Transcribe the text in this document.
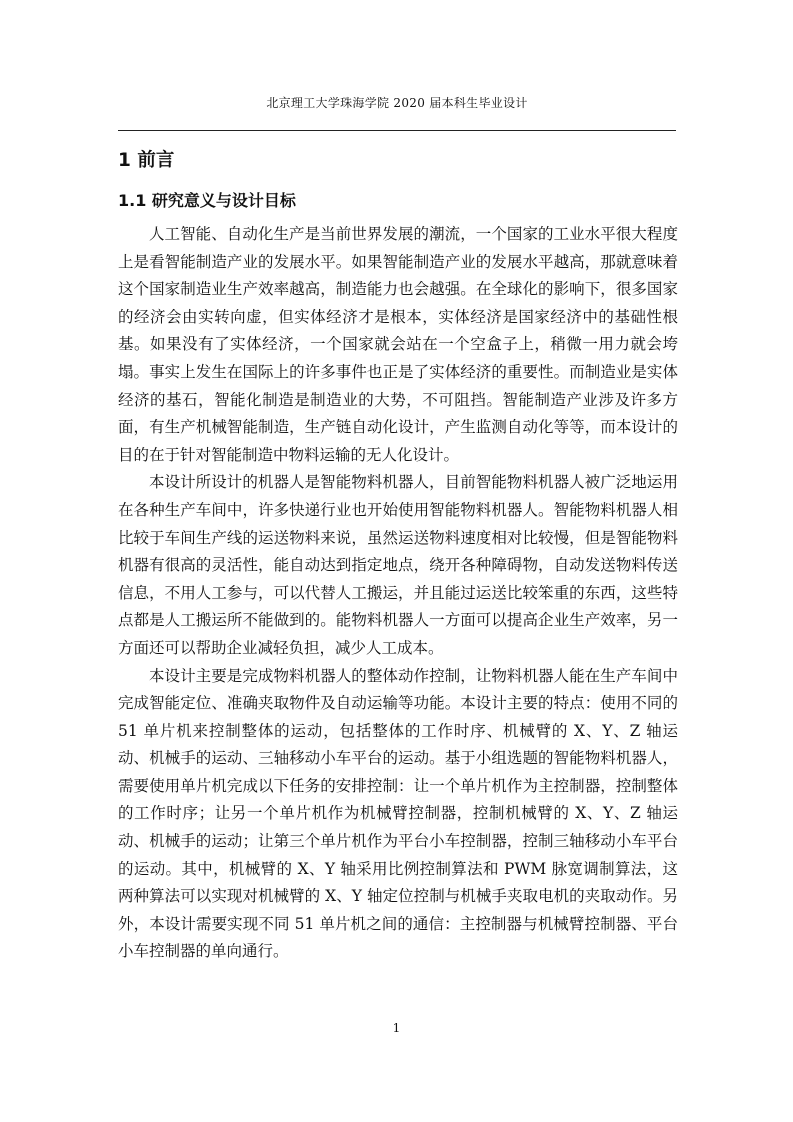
北京理工大学珠海学院 2020 届本科生毕业设计
1 前言
1.1 研究意义与设计目标

人工智能、自动化生产是当前世界发展的潮流，一个国家的工业水平很大程度上是看智能制造产业的发展水平。如果智能制造产业的发展水平越高，那就意味着这个国家制造业生产效率越高，制造能力也会越强。在全球化的影响下，很多国家的经济会由实转向虚，但实体经济才是根本，实体经济是国家经济中的基础性根基。如果没有了实体经济，一个国家就会站在一个空盒子上，稍微一用力就会垮塌。事实上发生在国际上的许多事件也正是了实体经济的重要性。而制造业是实体经济的基石，智能化制造是制造业的大势，不可阻挡。智能制造产业涉及许多方面，有生产机械智能制造，生产链自动化设计，产生监测自动化等等，而本设计的目的在于针对智能制造中物料运输的无人化设计。

本设计所设计的机器人是智能物料机器人，目前智能物料机器人被广泛地运用在各种生产车间中，许多快递行业也开始使用智能物料机器人。智能物料机器人相比较于车间生产线的运送物料来说，虽然运送物料速度相对比较慢，但是智能物料机器有很高的灵活性，能自动达到指定地点，绕开各种障碍物，自动发送物料传送信息，不用人工参与，可以代替人工搬运，并且能过运送比较笨重的东西，这些特点都是人工搬运所不能做到的。能物料机器人一方面可以提高企业生产效率，另一方面还可以帮助企业减轻负担，减少人工成本。

本设计主要是完成物料机器人的整体动作控制，让物料机器人能在生产车间中完成智能定位、准确夹取物件及自动运输等功能。本设计主要的特点：使用不同的 51 单片机来控制整体的运动，包括整体的工作时序、机械臂的 X、Y、Z 轴运动、机械手的运动、三轴移动小车平台的运动。基于小组选题的智能物料机器人，需要使用单片机完成以下任务的安排控制：让一个单片机作为主控制器，控制整体的工作时序；让另一个单片机作为机械臂控制器，控制机械臂的 X、Y、Z 轴运动、机械手的运动；让第三个单片机作为平台小车控制器，控制三轴移动小车平台的运动。其中，机械臂的 X、Y 轴采用比例控制算法和 PWM 脉宽调制算法，这两种算法可以实现对机械臂的 X、Y 轴定位控制与机械手夹取电机的夹取动作。另外，本设计需要实现不同 51 单片机之间的通信：主控制器与机械臂控制器、平台小车控制器的单向通行。

1
